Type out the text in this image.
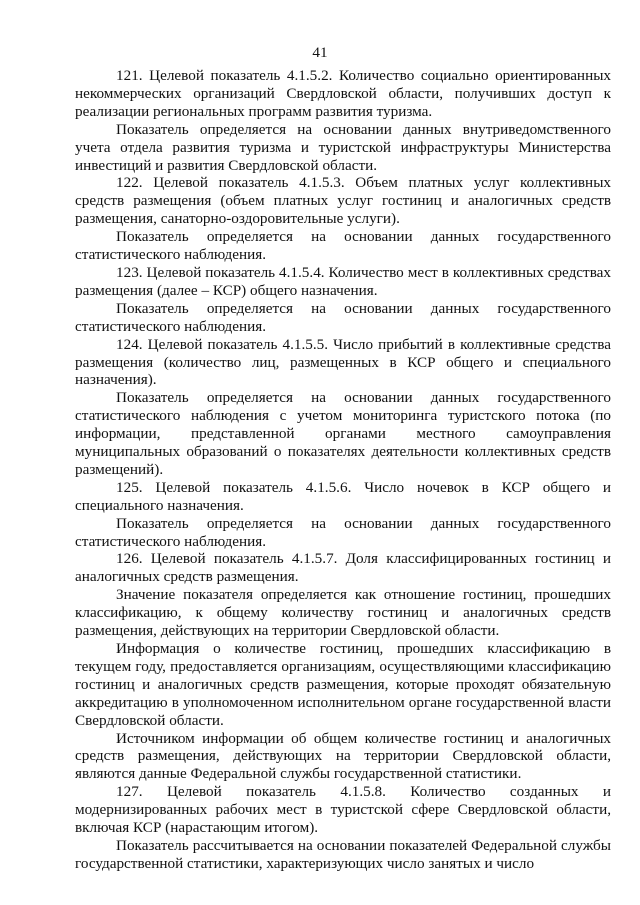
41

121. Целевой показатель 4.1.5.2. Количество социально ориентированных некоммерческих организаций Свердловской области, получивших доступ к реализации региональных программ развития туризма.

Показатель определяется на основании данных внутриведомственного учета отдела развития туризма и туристской инфраструктуры Министерства инвестиций и развития Свердловской области.

122. Целевой показатель 4.1.5.3. Объем платных услуг коллективных средств размещения (объем платных услуг гостиниц и аналогичных средств размещения, санаторно-оздоровительные услуги).

Показатель определяется на основании данных государственного статистического наблюдения.

123. Целевой показатель 4.1.5.4. Количество мест в коллективных средствах размещения (далее – КСР) общего назначения.

Показатель определяется на основании данных государственного статистического наблюдения.

124. Целевой показатель 4.1.5.5. Число прибытий в коллективные средства размещения (количество лиц, размещенных в КСР общего и специального назначения).

Показатель определяется на основании данных государственного статистического наблюдения с учетом мониторинга туристского потока (по информации, представленной органами местного самоуправления муниципальных образований о показателях деятельности коллективных средств размещений).

125. Целевой показатель 4.1.5.6. Число ночевок в КСР общего и специального назначения.

Показатель определяется на основании данных государственного статистического наблюдения.

126. Целевой показатель 4.1.5.7. Доля классифицированных гостиниц и аналогичных средств размещения.

Значение показателя определяется как отношение гостиниц, прошедших классификацию, к общему количеству гостиниц и аналогичных средств размещения, действующих на территории Свердловской области.

Информация о количестве гостиниц, прошедших классификацию в текущем году, предоставляется организациям, осуществляющими классификацию гостиниц и аналогичных средств размещения, которые проходят обязательную аккредитацию в уполномоченном исполнительном органе государственной власти Свердловской области.

Источником информации об общем количестве гостиниц и аналогичных средств размещения, действующих на территории Свердловской области, являются данные Федеральной службы государственной статистики.

127. Целевой показатель 4.1.5.8. Количество созданных и модернизированных рабочих мест в туристской сфере Свердловской области, включая КСР (нарастающим итогом).

Показатель рассчитывается на основании показателей Федеральной службы государственной статистики, характеризующих число занятых и число
